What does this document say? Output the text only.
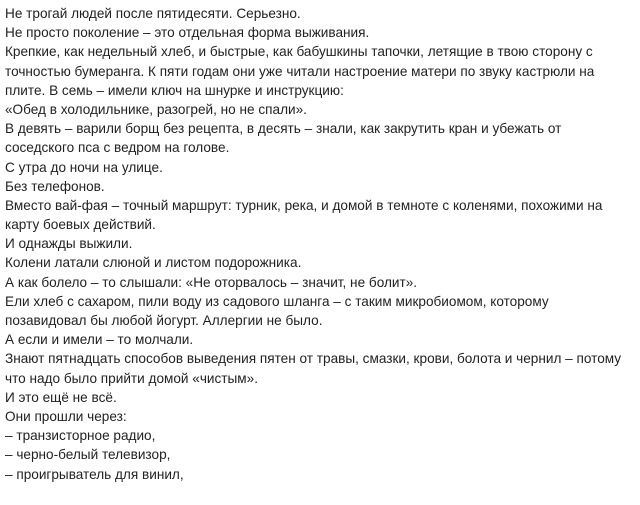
Не трогай людей после пятидесяти. Серьезно.
Не просто поколение – это отдельная форма выживания.
Крепкие, как недельный хлеб, и быстрые, как бабушкины тапочки, летящие в твою сторону с
точностью бумеранга. К пяти годам они уже читали настроение матери по звуку кастрюли на
плите. В семь – имели ключ на шнурке и инструкцию:
«Обед в холодильнике, разогрей, но не спали».
В девять – варили борщ без рецепта, в десять – знали, как закрутить кран и убежать от
соседского пса с ведром на голове.
С утра до ночи на улице.
Без телефонов.
Вместо вай-фая – точный маршрут: турник, река, и домой в темноте с коленями, похожими на
карту боевых действий.
И однажды выжили.
Колени латали слюной и листом подорожника.
А как болело – то слышали: «Не оторвалось – значит, не болит».
Ели хлеб с сахаром, пили воду из садового шланга – с таким микробиомом, которому
позавидовал бы любой йогурт. Аллергии не было.
А если и имели – то молчали.
Знают пятнадцать способов выведения пятен от травы, смазки, крови, болота и чернил – потому
что надо было прийти домой «чистым».
И это ещё не всё.
Они прошли через:
– транзисторное радио,
– черно-белый телевизор,
– проигрыватель для винил,
